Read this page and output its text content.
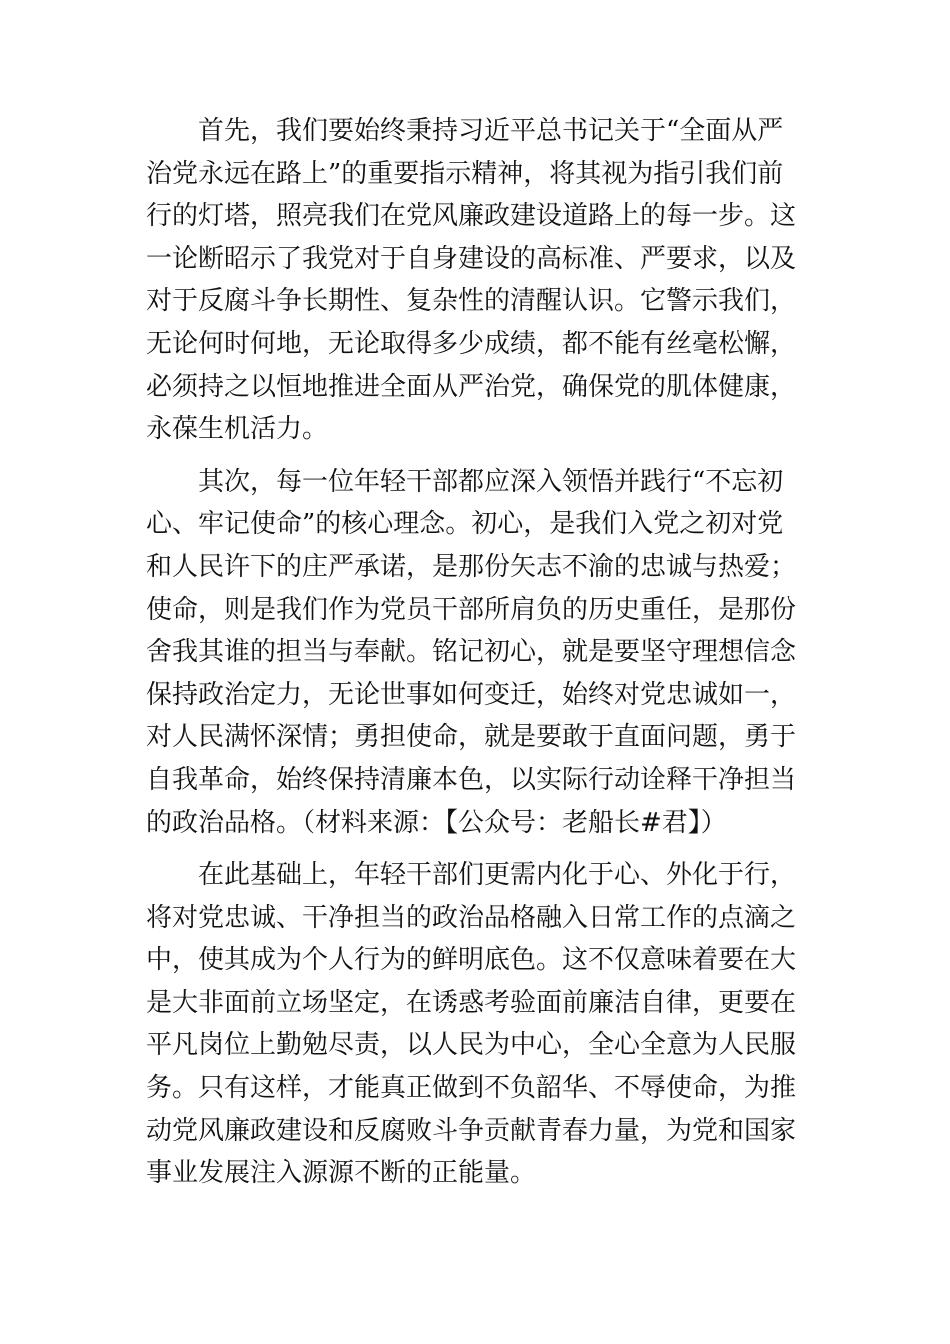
首先，我们要始终秉持习近平总书记关于“全面从严
治党永远在路上”的重要指示精神，将其视为指引我们前
行的灯塔，照亮我们在党风廉政建设道路上的每一步。这
一论断昭示了我党对于自身建设的高标准、严要求，以及
对于反腐斗争长期性、复杂性的清醒认识。它警示我们，
无论何时何地，无论取得多少成绩，都不能有丝毫松懈，
必须持之以恒地推进全面从严治党，确保党的肌体健康，
永葆生机活力。
其次，每一位年轻干部都应深入领悟并践行“不忘初
心、牢记使命”的核心理念。初心，是我们入党之初对党
和人民许下的庄严承诺，是那份矢志不渝的忠诚与热爱；
使命，则是我们作为党员干部所肩负的历史重任，是那份
舍我其谁的担当与奉献。铭记初心，就是要坚守理想信念
保持政治定力，无论世事如何变迁，始终对党忠诚如一，
对人民满怀深情；勇担使命，就是要敢于直面问题，勇于
自我革命，始终保持清廉本色，以实际行动诠释干净担当
的政治品格。（材料来源：【公众号：老船长#君】）
在此基础上，年轻干部们更需内化于心、外化于行，
将对党忠诚、干净担当的政治品格融入日常工作的点滴之
中，使其成为个人行为的鲜明底色。这不仅意味着要在大
是大非面前立场坚定，在诱惑考验面前廉洁自律，更要在
平凡岗位上勤勉尽责，以人民为中心，全心全意为人民服
务。只有这样，才能真正做到不负韶华、不辱使命，为推
动党风廉政建设和反腐败斗争贡献青春力量，为党和国家
事业发展注入源源不断的正能量。
